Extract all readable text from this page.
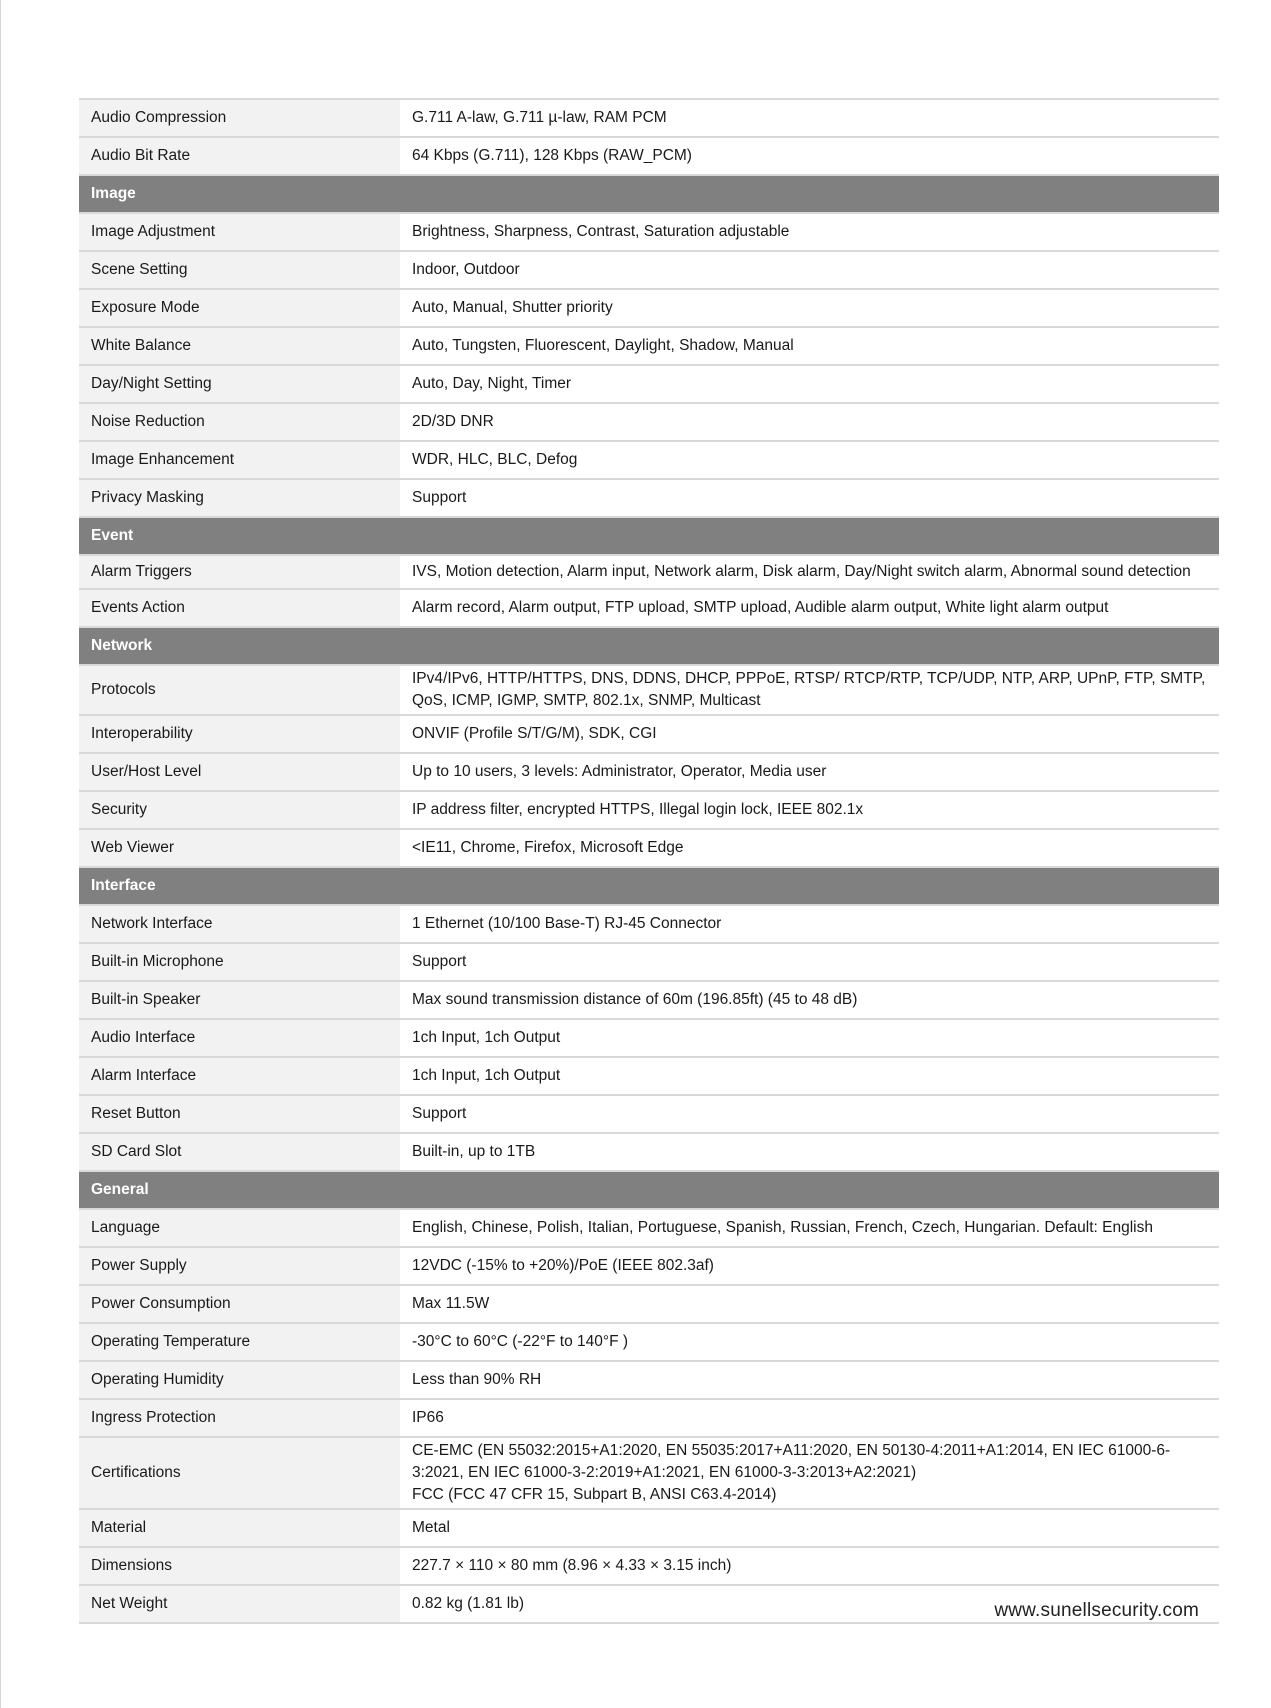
Audio Compression	G.711 A-law, G.711 µ-law, RAM PCM
Audio Bit Rate	64 Kbps (G.711), 128 Kbps (RAW_PCM)
Image	
Image Adjustment	Brightness, Sharpness, Contrast, Saturation adjustable
Scene Setting	Indoor, Outdoor
Exposure Mode	Auto, Manual, Shutter priority
White Balance	Auto, Tungsten, Fluorescent, Daylight, Shadow, Manual
Day/Night Setting	Auto, Day, Night, Timer
Noise Reduction	2D/3D DNR
Image Enhancement	WDR, HLC, BLC, Defog
Privacy Masking	Support
Event	
Alarm Triggers	IVS, Motion detection, Alarm input, Network alarm, Disk alarm, Day/Night switch alarm, Abnormal sound detection
Events Action	Alarm record, Alarm output, FTP upload, SMTP upload, Audible alarm output, White light alarm output
Network	
Protocols	IPv4/IPv6, HTTP/HTTPS, DNS, DDNS, DHCP, PPPoE, RTSP/ RTCP/RTP, TCP/UDP, NTP, ARP, UPnP, FTP, SMTP, QoS, ICMP, IGMP, SMTP, 802.1x, SNMP, Multicast
Interoperability	ONVIF (Profile S/T/G/M), SDK, CGI
User/Host Level	Up to 10 users, 3 levels: Administrator, Operator, Media user
Security	IP address filter, encrypted HTTPS, Illegal login lock, IEEE 802.1x
Web Viewer	<IE11, Chrome, Firefox, Microsoft Edge
Interface	
Network Interface	1 Ethernet (10/100 Base-T) RJ-45 Connector
Built-in Microphone	Support
Built-in Speaker	Max sound transmission distance of 60m (196.85ft) (45 to 48 dB)
Audio Interface	1ch Input, 1ch Output
Alarm Interface	1ch Input, 1ch Output
Reset Button	Support
SD Card Slot	Built-in, up to 1TB
General	
Language	English, Chinese, Polish, Italian, Portuguese, Spanish, Russian, French, Czech, Hungarian. Default: English
Power Supply	12VDC (-15% to +20%)/PoE (IEEE 802.3af)
Power Consumption	Max 11.5W
Operating Temperature	-30°C to 60°C (-22°F to 140°F )
Operating Humidity	Less than 90% RH
Ingress Protection	IP66
Certifications	CE-EMC (EN 55032:2015+A1:2020, EN 55035:2017+A11:2020, EN 50130-4:2011+A1:2014, EN IEC 61000-6-3:2021, EN IEC 61000-3-2:2019+A1:2021, EN 61000-3-3:2013+A2:2021)
FCC (FCC 47 CFR 15, Subpart B, ANSI C63.4-2014)
Material	Metal
Dimensions	227.7 × 110 × 80 mm (8.96 × 4.33 × 3.15 inch)
Net Weight	0.82 kg (1.81 lb)	www.sunellsecurity.com
